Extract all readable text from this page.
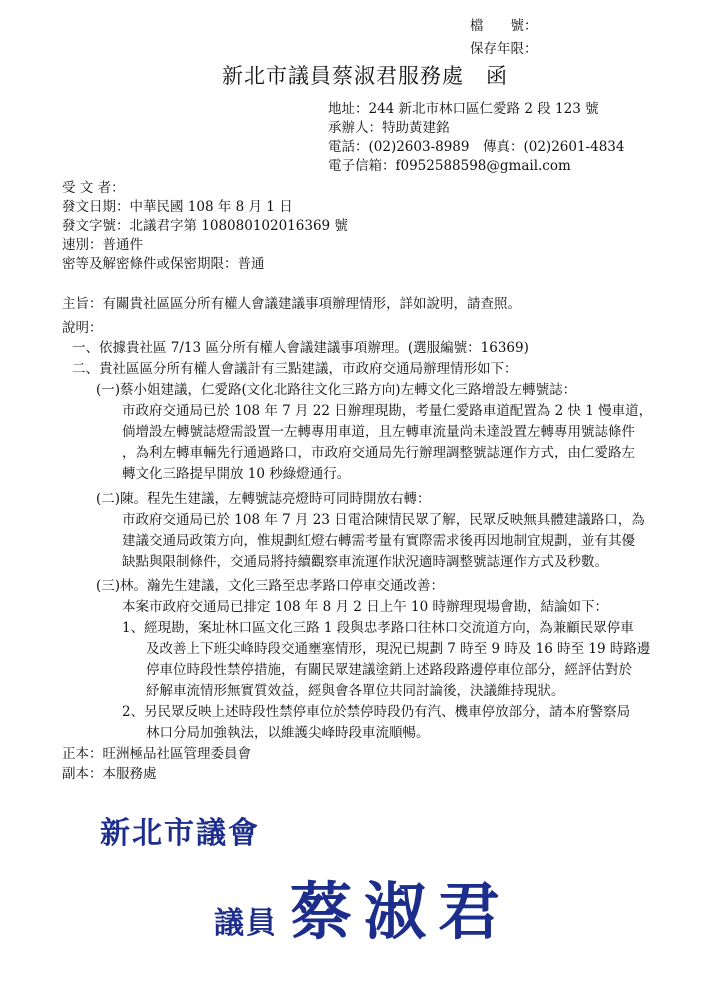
檔　　號：
保存年限：
新北市議員蔡淑君服務處　函
地址：244 新北市林口區仁愛路 2 段 123 號
承辦人：特助黃建銘
電話：(02)2603-8989　傳真：(02)2601-4834
電子信箱：f0952588598@gmail.com
受 文 者：
發文日期：中華民國 108 年 8 月 1 日
發文字號：北議君字第 108080102016369 號
速別：普通件
密等及解密條件或保密期限：普通
主旨：有關貴社區區分所有權人會議建議事項辦理情形，詳如說明，請查照。
說明：
一、依據貴社區 7/13 區分所有權人會議建議事項辦理。(選服編號：16369)
二、貴社區區分所有權人會議計有三點建議，市政府交通局辦理情形如下：
(一)蔡小姐建議，仁愛路(文化北路往文化三路方向)左轉文化三路增設左轉號誌：
市政府交通局已於 108 年 7 月 22 日辦理現勘，考量仁愛路車道配置為 2 快 1 慢車道，
倘增設左轉號誌燈需設置一左轉專用車道，且左轉車流量尚未達設置左轉專用號誌條件
，為利左轉車輛先行通過路口，市政府交通局先行辦理調整號誌運作方式，由仁愛路左
轉文化三路提早開放 10 秒綠燈通行。
(二)陳。程先生建議，左轉號誌亮燈時可同時開放右轉：
市政府交通局已於 108 年 7 月 23 日電洽陳情民眾了解，民眾反映無具體建議路口，為
建議交通局政策方向，惟規劃紅燈右轉需考量有實際需求後再因地制宜規劃，並有其優
缺點與限制條件，交通局將持續觀察車流運作狀況適時調整號誌運作方式及秒數。
(三)林。瀚先生建議，文化三路至忠孝路口停車交通改善：
本案市政府交通局已排定 108 年 8 月 2 日上午 10 時辦理現場會勘，結論如下：
1、經現勘，案址林口區文化三路 1 段與忠孝路口往林口交流道方向，為兼顧民眾停車
及改善上下班尖峰時段交通壅塞情形，現況已規劃 7 時至 9 時及 16 時至 19 時路邊
停車位時段性禁停措施，有關民眾建議塗銷上述路段路邊停車位部分，經評估對於
紓解車流情形無實質效益，經與會各單位共同討論後，決議維持現狀。
2、另民眾反映上述時段性禁停車位於禁停時段仍有汽、機車停放部分，請本府警察局
林口分局加強執法，以維護尖峰時段車流順暢。
正本：旺洲極品社區管理委員會
副本：本服務處
新北市議會
議員 蔡淑君
